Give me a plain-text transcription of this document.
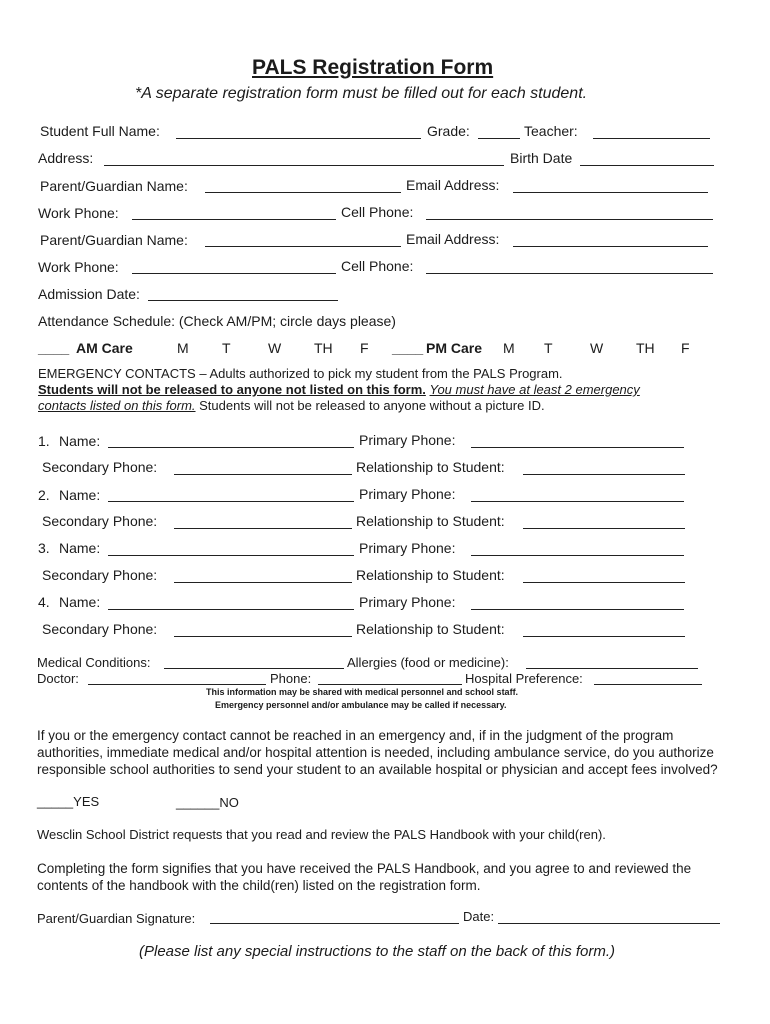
PALS Registration Form
*A separate registration form must be filled out for each student.
Student Full Name:	Grade:	Teacher:
Address:	Birth Date
Parent/Guardian Name:	Email Address:
Work Phone:	Cell Phone:
Parent/Guardian Name:	Email Address:
Work Phone:	Cell Phone:
Admission Date:
Attendance Schedule: (Check AM/PM; circle days please)
____ AM Care	M T	W TH F ____ PM Care M T	W TH F
EMERGENCY CONTACTS – Adults authorized to pick my student from the PALS Program.
Students will not be released to anyone not listed on this form. You must have at least 2 emergency
contacts listed on this form. Students will not be released to anyone without a picture ID.
1. Name:	Primary Phone:
Secondary Phone:	Relationship to Student:
2. Name:	Primary Phone:
Secondary Phone:	Relationship to Student:
3. Name:	Primary Phone:
Secondary Phone:	Relationship to Student:
4. Name:	Primary Phone:
Secondary Phone:	Relationship to Student:
Medical Conditions:	Allergies (food or medicine):
Doctor:	Phone:	Hospital Preference:
This information may be shared with medical personnel and school staff.
Emergency personnel and/or ambulance may be called if necessary.
If you or the emergency contact cannot be reached in an emergency and, if in the judgment of the program authorities, immediate medical and/or hospital attention is needed, including ambulance service, do you authorize responsible school authorities to send your student to an available hospital or physician and accept fees involved?
_____YES	______NO
Wesclin School District requests that you read and review the PALS Handbook with your child(ren).
Completing the form signifies that you have received the PALS Handbook, and you agree to and reviewed the contents of the handbook with the child(ren) listed on the registration form.
Parent/Guardian Signature:	Date:
(Please list any special instructions to the staff on the back of this form.)
